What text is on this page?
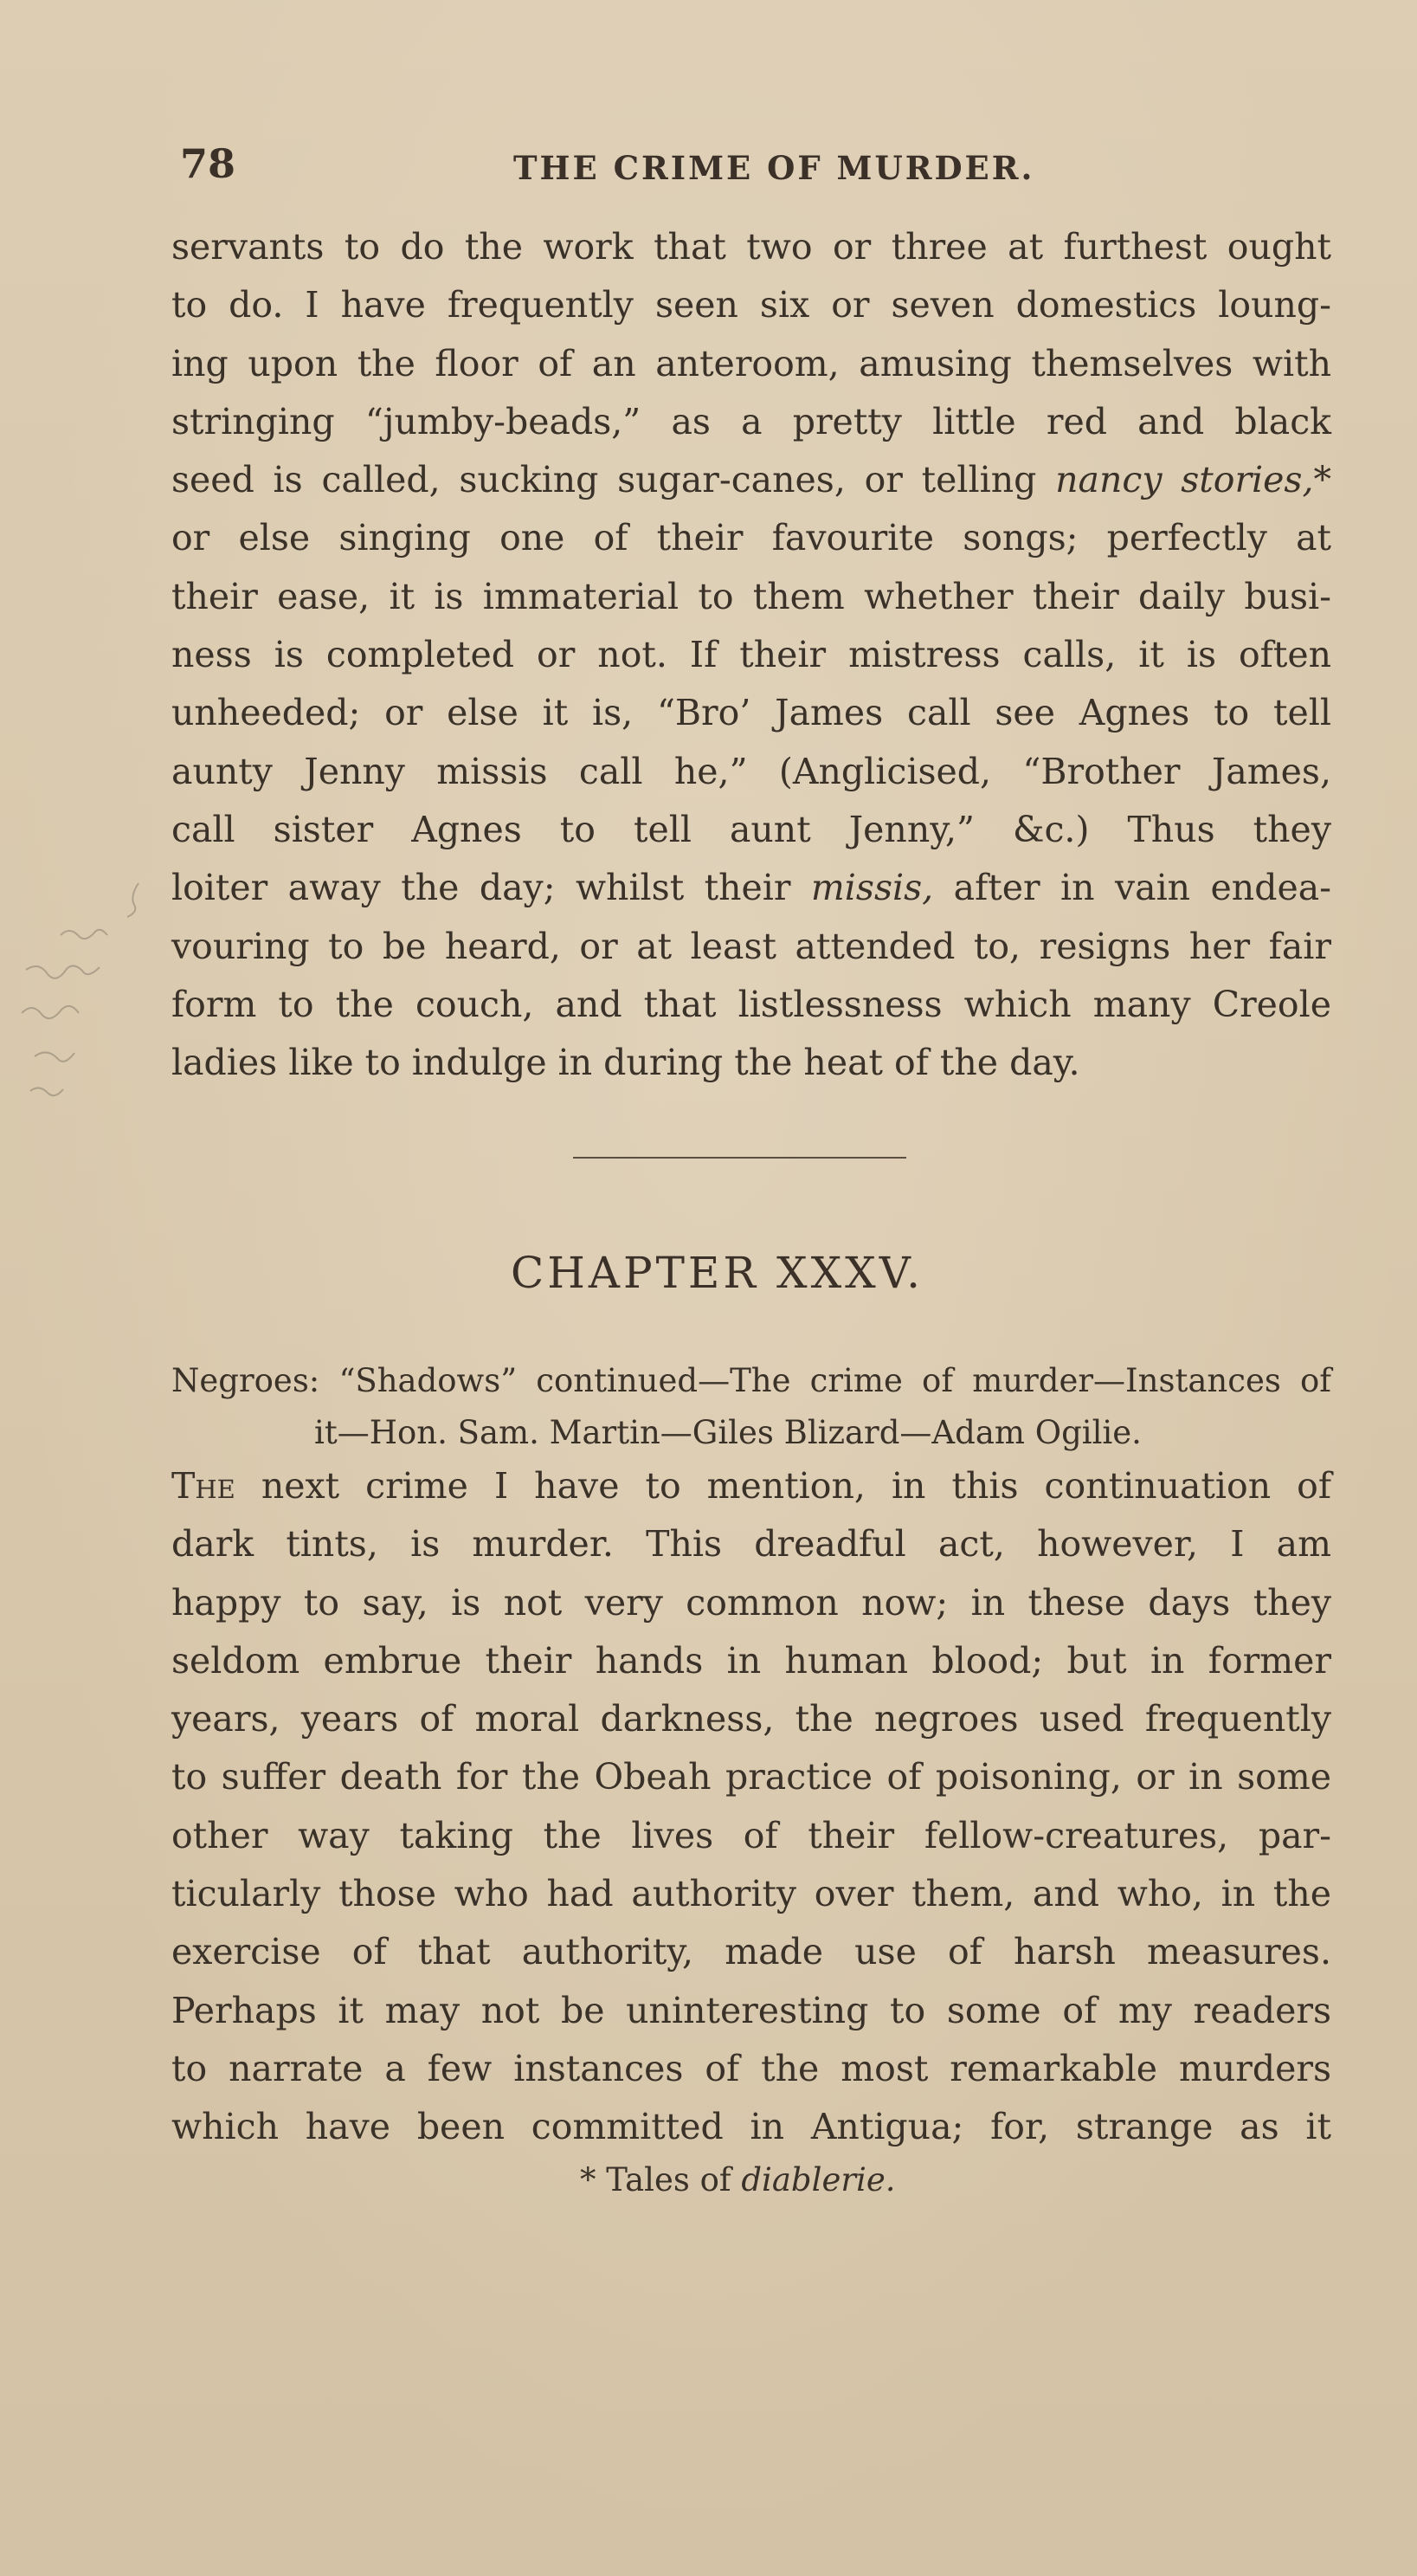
78	THE CRIME OF MURDER.
servants to do the work that two or three at furthest ought
to do. I have frequently seen six or seven domestics loung-
ing upon the floor of an anteroom, amusing themselves with
stringing “jumby-beads,” as a pretty little red and black
seed is called, sucking sugar-canes, or telling nancy stories,*
or else singing one of their favourite songs; perfectly at
their ease, it is immaterial to them whether their daily busi-
ness is completed or not. If their mistress calls, it is often
unheeded; or else it is, “Bro’ James call see Agnes to tell
aunty Jenny missis call he,” (Anglicised, “Brother James,
call sister Agnes to tell aunt Jenny,” &c.) Thus they
loiter away the day; whilst their missis, after in vain endea-
vouring to be heard, or at least attended to, resigns her fair
form to the couch, and that listlessness which many Creole
ladies like to indulge in during the heat of the day.
CHAPTER XXXV.
Negroes: “Shadows” continued—The crime of murder—Instances of
it—Hon. Sam. Martin—Giles Blizard—Adam Ogilie.
The next crime I have to mention, in this continuation of
dark tints, is murder. This dreadful act, however, I am
happy to say, is not very common now; in these days they
seldom embrue their hands in human blood; but in former
years, years of moral darkness, the negroes used frequently
to suffer death for the Obeah practice of poisoning, or in some
other way taking the lives of their fellow-creatures, par-
ticularly those who had authority over them, and who, in the
exercise of that authority, made use of harsh measures.
Perhaps it may not be uninteresting to some of my readers
to narrate a few instances of the most remarkable murders
which have been committed in Antigua; for, strange as it
* Tales of diablerie.
